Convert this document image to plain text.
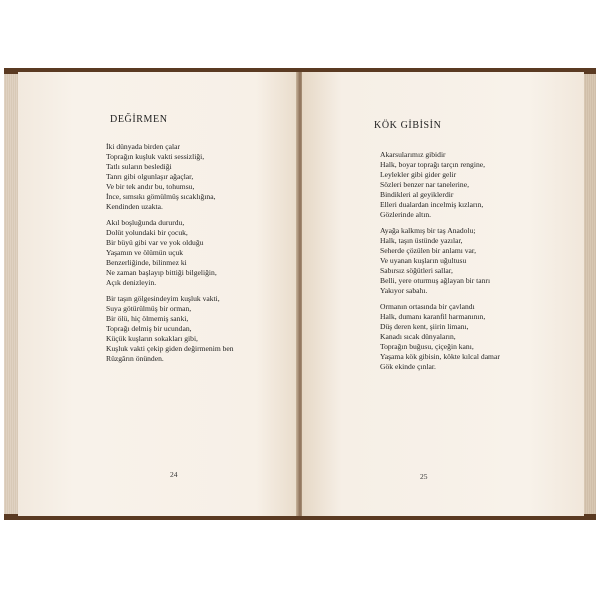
DEĞİRMEN
İki dünyada birden çalar
Toprağın kuşluk vakti sessizliği,
Tatlı suların beslediği
Tanrı gibi olgunlaşır ağaçlar,
Ve bir tek andır bu, tohumsu,
İnce, sımsıkı gömülmüş sıcaklığına,
Kendinden uzakta.
Akıl boşluğunda dururdu,
Dolüt yolundaki bir çocuk,
Bir büyü gibi var ve yok olduğu
Yaşamın ve ölümün uçuk
Benzerliğinde, bilinmez ki
Ne zaman başlayıp bittiği bilgeliğin,
Açık denizleyin.
Bir taşın gölgesindeyim kuşluk vakti,
Suya götürülmüş bir orman,
Bir ölü, hiç ölmemiş sanki,
Toprağı delmiş bir ucundan,
Küçük kuşların sokakları gibi,
Kuşluk vakti çekip giden değirmenim ben
Rüzgârın önünden.
24
KÖK GİBİSİN
Akarsularımız gibidir
Halk, boyar toprağı tarçın rengine,
Leylekler gibi gider gelir
Sözleri benzer nar tanelerine,
Bindikleri al geyiklerdir
Elleri dualardan incelmiş kızların,
Gözlerinde altın.
Ayağa kalkmış bir taş Anadolu;
Halk, taşın üstünde yazılar,
Seherde çözülen bir anlamı var,
Ve uyanan kuşların uğultusu
Sabırsız söğütleri sallar,
Belli, yere oturmuş ağlayan bir tanrı
Yakıyor sabahı.
Ormanın ortasında bir çavlandı
Halk, dumanı karanfil harmanının,
Düş deren kent, şiirin limanı,
Kanadı sıcak dünyaların,
Toprağın buğusu, çiçeğin kanı,
Yaşama kök gibisin, kökte kılcal damar
Gök ekinde çınlar.
25
